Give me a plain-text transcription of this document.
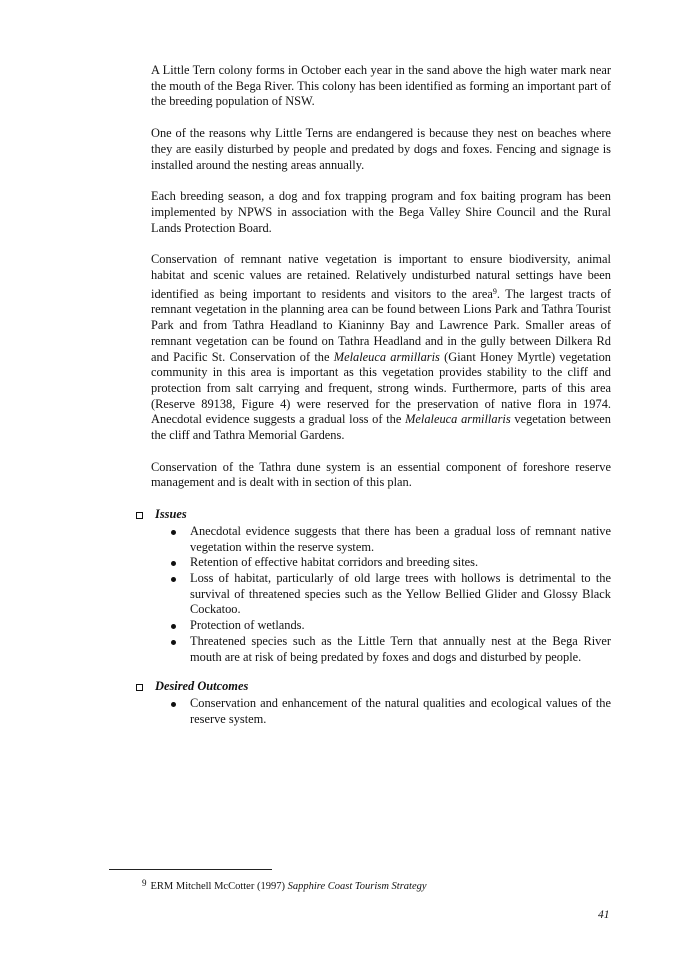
A Little Tern colony forms in October each year in the sand above the high water mark near the mouth of the Bega River. This colony has been identified as forming an important part of the breeding population of NSW.

One of the reasons why Little Terns are endangered is because they nest on beaches where they are easily disturbed by people and predated by dogs and foxes. Fencing and signage is installed around the nesting areas annually.

Each breeding season, a dog and fox trapping program and fox baiting program has been implemented by NPWS in association with the Bega Valley Shire Council and the Rural Lands Protection Board.

Conservation of remnant native vegetation is important to ensure biodiversity, animal habitat and scenic values are retained. Relatively undisturbed natural settings have been identified as being important to residents and visitors to the area$^9$. The largest tracts of remnant vegetation in the planning area can be found between Lions Park and Tathra Tourist Park and from Tathra Headland to Kianinny Bay and Lawrence Park. Smaller areas of remnant vegetation can be found on Tathra Headland and in the gully between Dilkera Rd and Pacific St. Conservation of the Melaleuca armillaris (Giant Honey Myrtle) vegetation community in this area is important as this vegetation provides stability to the cliff and protection from salt carrying and frequent, strong winds. Furthermore, parts of this area (Reserve 89138, Figure 4) were reserved for the preservation of native flora in 1974. Anecdotal evidence suggests a gradual loss of the Melaleuca armillaris vegetation between the cliff and Tathra Memorial Gardens.

Conservation of the Tathra dune system is an essential component of foreshore reserve management and is dealt with in section of this plan.

Issues
Anecdotal evidence suggests that there has been a gradual loss of remnant native vegetation within the reserve system.
Retention of effective habitat corridors and breeding sites.
Loss of habitat, particularly of old large trees with hollows is detrimental to the survival of threatened species such as the Yellow Bellied Glider and Glossy Black Cockatoo.
Protection of wetlands.
Threatened species such as the Little Tern that annually nest at the Bega River mouth are at risk of being predated by foxes and dogs and disturbed by people.
Desired Outcomes
Conservation and enhancement of the natural qualities and ecological values of the reserve system.
$^9$ ERM Mitchell McCotter (1997) Sapphire Coast Tourism Strategy
41
